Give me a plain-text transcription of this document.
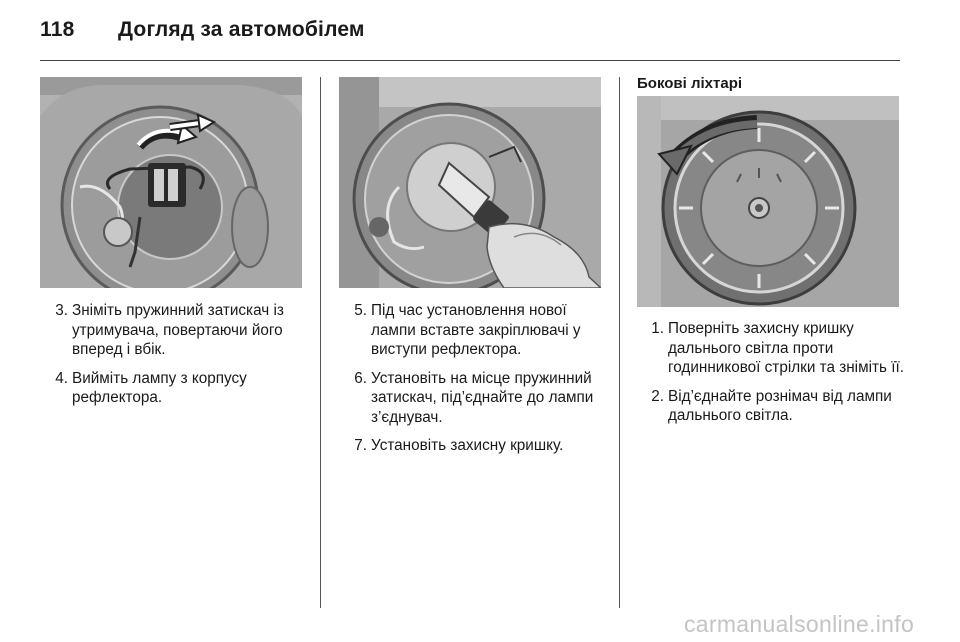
118 Догляд за автомобілем
3. Зніміть пружинний затискач із утримувача, повертаючи його вперед і вбік.
4. Вийміть лампу з корпусу рефлектора.
5. Під час установлення нової лампи вставте закріплювачі у виступи рефлектора.
6. Установіть на місце пружинний затискач, під’єднайте до лампи з’єднувач.
7. Установіть захисну кришку.
Бокові ліхтарі
1. Поверніть захисну кришку дальнього світла проти годинникової стрілки та зніміть її.
2. Від’єднайте рознімач від лампи дальнього світла.
carmanualsonline.info
